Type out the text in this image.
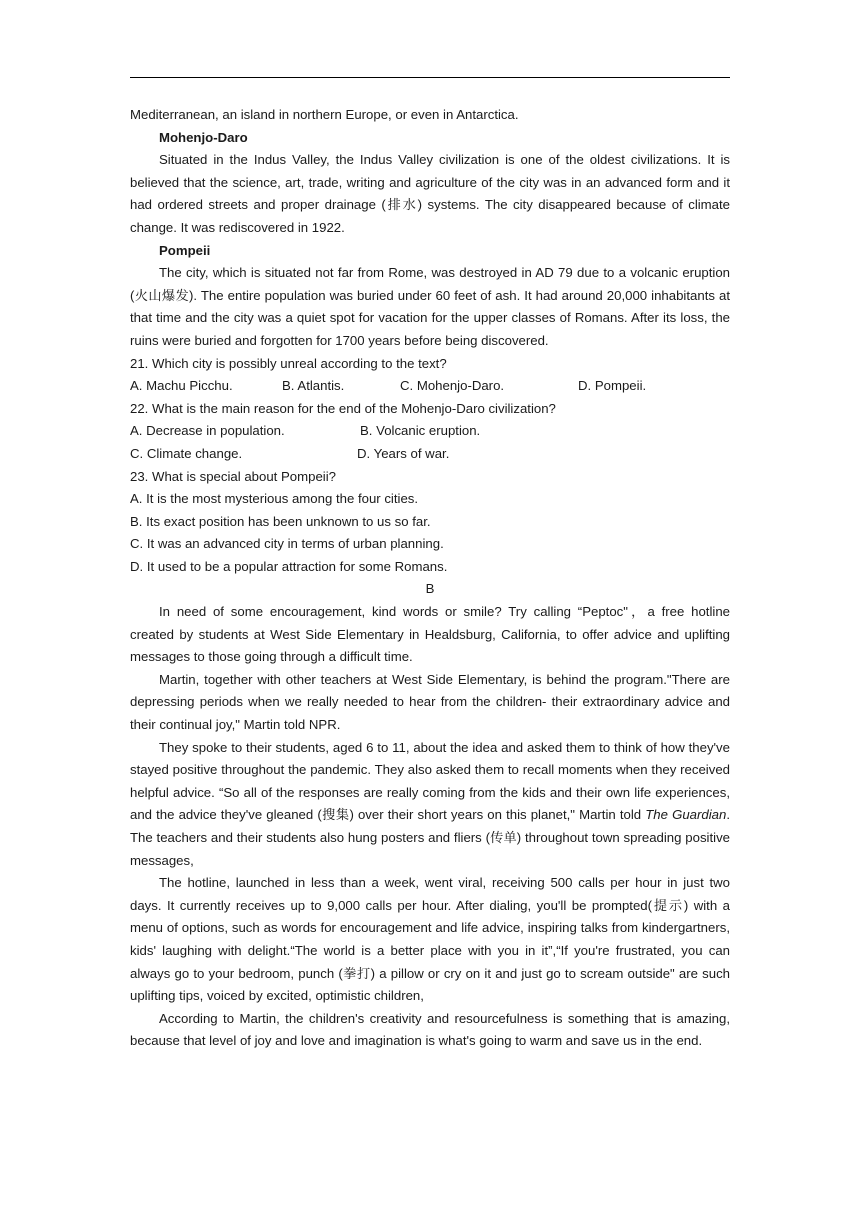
Mediterranean, an island in northern Europe, or even in Antarctica.

Mohenjo-Daro

Situated in the Indus Valley, the Indus Valley civilization is one of the oldest civilizations. It is believed that the science, art, trade, writing and agriculture of the city was in an advanced form and it had ordered streets and proper drainage (排水) systems. The city disappeared because of climate change. It was rediscovered in 1922.

Pompeii

The city, which is situated not far from Rome, was destroyed in AD 79 due to a volcanic eruption (火山爆发). The entire population was buried under 60 feet of ash. It had around 20,000 inhabitants at that time and the city was a quiet spot for vacation for the upper classes of Romans. After its loss, the ruins were buried and forgotten for 1700 years before being discovered.

21. Which city is possibly unreal according to the text?

A. Machu Picchu.	B. Atlantis.	C. Mohenjo-Daro.	D. Pompeii.

22. What is the main reason for the end of the Mohenjo-Daro civilization?

A. Decrease in population.	B. Volcanic eruption.

C. Climate change.	D. Years of war.

23. What is special about Pompeii?

A. It is the most mysterious among the four cities.

B. Its exact position has been unknown to us so far.

C. It was an advanced city in terms of urban planning.

D. It used to be a popular attraction for some Romans.

B

In need of some encouragement, kind words or smile? Try calling “Peptoc"，a free hotline created by students at West Side Elementary in Healdsburg, California, to offer advice and uplifting messages to those going through a difficult time.

Martin, together with other teachers at West Side Elementary, is behind the program."There are depressing periods when we really needed to hear from the children- their extraordinary advice and their continual joy," Martin told NPR.

They spoke to their students, aged 6 to 11, about the idea and asked them to think of how they've stayed positive throughout the pandemic. They also asked them to recall moments when they received helpful advice. “So all of the responses are really coming from the kids and their own life experiences, and the advice they've gleaned (搜集) over their short years on this planet," Martin told The Guardian. The teachers and their students also hung posters and fliers (传单) throughout town spreading positive messages,

The hotline, launched in less than a week, went viral, receiving 500 calls per hour in just two days. It currently receives up to 9,000 calls per hour. After dialing, you'll be prompted(提示) with a menu of options, such as words for encouragement and life advice, inspiring talks from kindergartners, kids' laughing with delight.“The world is a better place with you in it”,“If you're frustrated, you can always go to your bedroom, punch (拳打) a pillow or cry on it and just go to scream outside" are such uplifting tips, voiced by excited, optimistic children,

According to Martin, the children's creativity and resourcefulness is something that is amazing, because that level of joy and love and imagination is what's going to warm and save us in the end.
